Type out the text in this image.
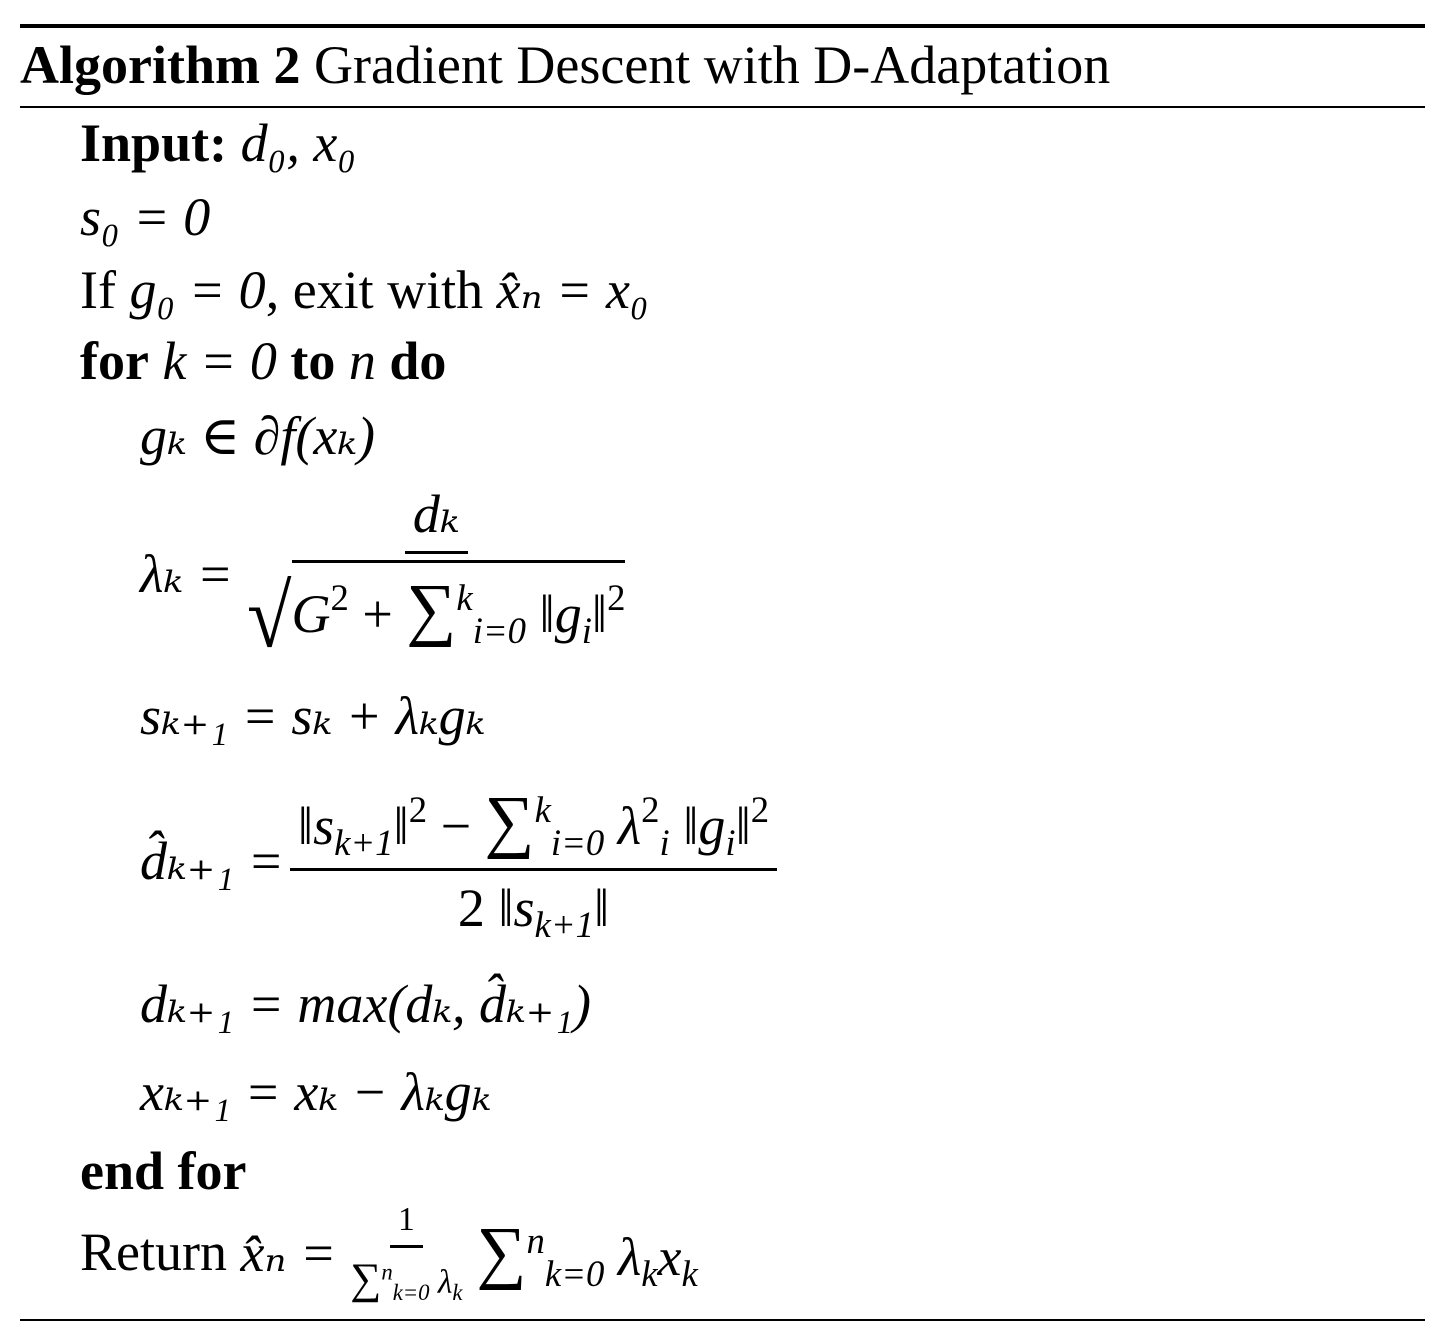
Algorithm 2 Gradient Descent with D-Adaptation
Input: d₀, x₀
s₀ = 0
If g₀ = 0, exit with x̂ₙ = x₀
for k = 0 to n do
gₖ ∈ ∂f(xₖ)
$\lambda_k = \frac{\text{dₖ}}{√G^2 + \sum^k_{i=0} ‖g_i‖^2}$
sₖ₊₁ = sₖ + λₖgₖ
d̂ₖ₊₁ = $\frac{‖s_{k+1}‖^2 - \sum^k_{i=0} \lambda^2_i ‖g_i‖^2}{2 ‖s_{k+1}‖}$
dₖ₊₁ = max(dₖ, d̂ₖ₊₁)
xₖ₊₁ = xₖ − λₖgₖ
end for
Return
x̂ₙ = $\frac{1}{\sum^n_{k=0} \lambda_k} \sum^n_{k=0}$ $\lambda_kx_k$
